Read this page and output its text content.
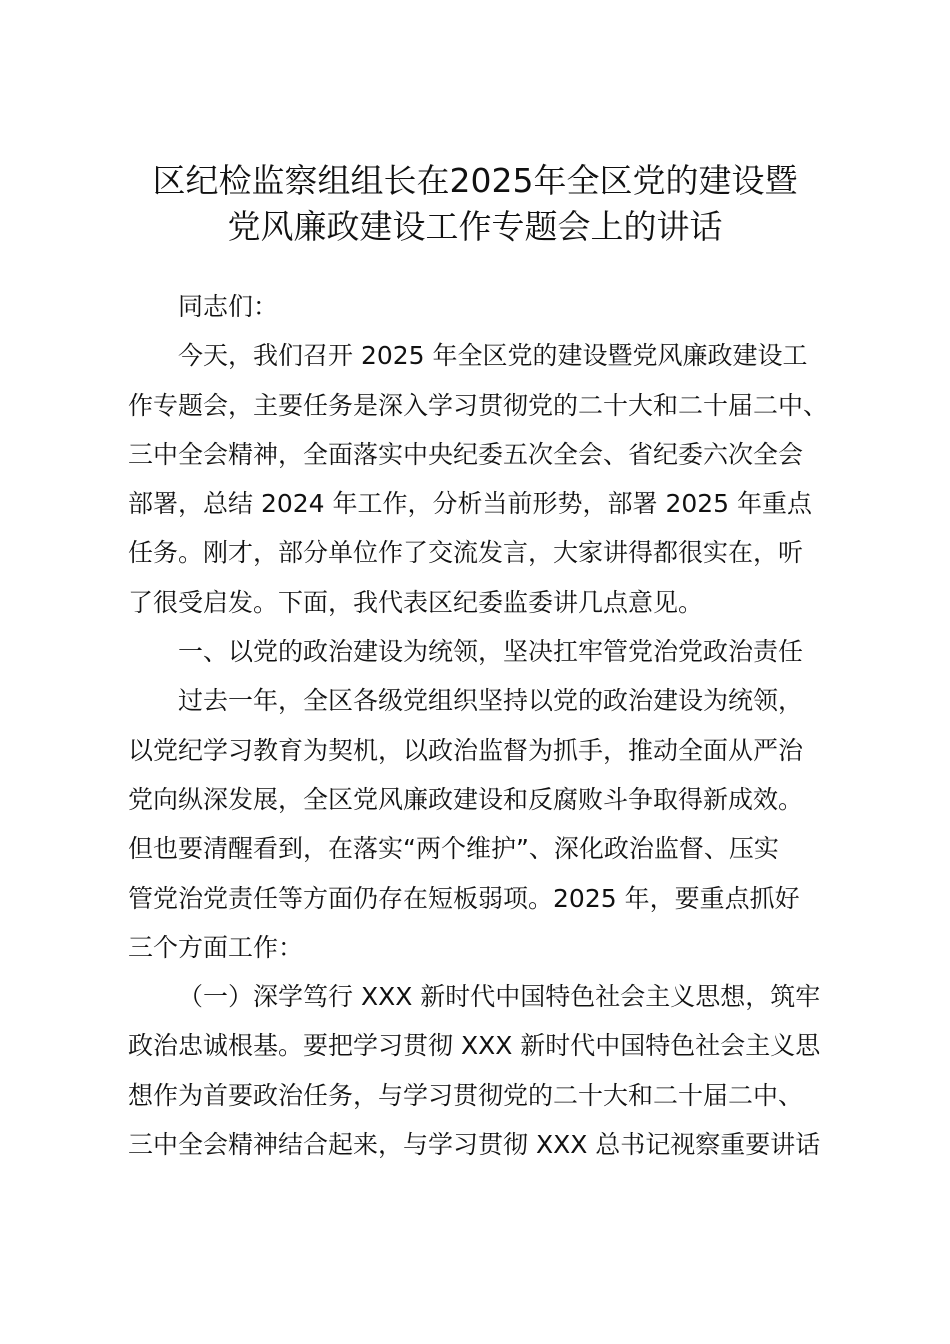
区纪检监察组组长在2025年全区党的建设暨
党风廉政建设工作专题会上的讲话
同志们：
今天，我们召开 2025 年全区党的建设暨党风廉政建设工
作专题会，主要任务是深入学习贯彻党的二十大和二十届二中、
三中全会精神，全面落实中央纪委五次全会、省纪委六次全会
部署，总结 2024 年工作，分析当前形势，部署 2025 年重点
任务。刚才，部分单位作了交流发言，大家讲得都很实在，听
了很受启发。下面，我代表区纪委监委讲几点意见。
一、以党的政治建设为统领，坚决扛牢管党治党政治责任
过去一年，全区各级党组织坚持以党的政治建设为统领，
以党纪学习教育为契机，以政治监督为抓手，推动全面从严治
党向纵深发展，全区党风廉政建设和反腐败斗争取得新成效。
但也要清醒看到，在落实“两个维护”、深化政治监督、压实
管党治党责任等方面仍存在短板弱项。2025 年，要重点抓好
三个方面工作：
（一）深学笃行 XXX 新时代中国特色社会主义思想，筑牢
政治忠诚根基。要把学习贯彻 XXX 新时代中国特色社会主义思
想作为首要政治任务，与学习贯彻党的二十大和二十届二中、
三中全会精神结合起来，与学习贯彻 XXX 总书记视察重要讲话
